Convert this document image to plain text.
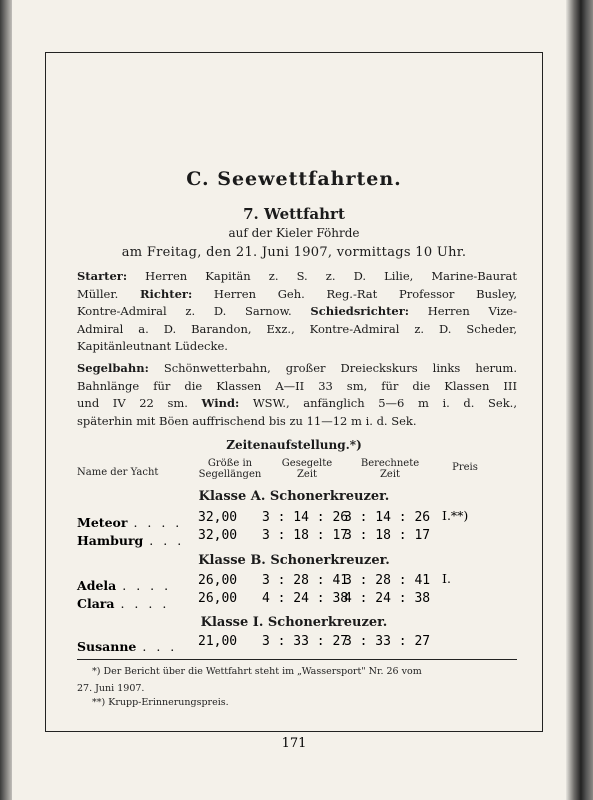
C. Seewettfahrten.
7. Wettfahrt
auf der Kieler Föhrde
am Freitag, den 21. Juni 1907, vormittags 10 Uhr.

Starter: Herren Kapitän z. S. z. D. Lilie, Marine-Baurat

Müller. Richter: Herren Geh. Reg.-Rat Professor Busley,

Kontre-Admiral z. D. Sarnow. Schiedsrichter: Herren Vize-

Admiral a. D. Barandon, Exz., Kontre-Admiral z. D. Scheder,

Kapitänleutnant Lüdecke.

Segelbahn: Schönwetterbahn, großer Dreieckskurs links herum.

Bahnlänge für die Klassen A—II 33 sm, für die Klassen III

und IV 22 sm. Wind: WSW., anfänglich 5—6 m i. d. Sek.,

späterhin mit Böen auffrischend bis zu 11—12 m i. d. Sek.

Zeitenaufstellung.*)
Name der Yacht
Größe in
Segellängen
Gesegelte
Zeit
Berechnete
Zeit
Preis
Klasse A. Schonerkreuzer.
Meteor . . . . 32,00 3 : 14 : 26
3 : 14 : 26 I.**)
Hamburg . . . 32,00 3 : 18 : 17
3 : 18 : 17
Klasse B. Schonerkreuzer.
Adela . . . . 26,00 3 : 28 : 41
3 : 28 : 41 I.
Clara . . . . 26,00 4 : 24 : 38
4 : 24 : 38
Klasse I. Schonerkreuzer.
Susanne . . . 21,00 3 : 33 : 27
3 : 33 : 27
*) Der Bericht über die Wettfahrt steht im „Wassersport" Nr. 26 vom
27. Juni 1907.
**) Krupp-Erinnerungspreis.
171
